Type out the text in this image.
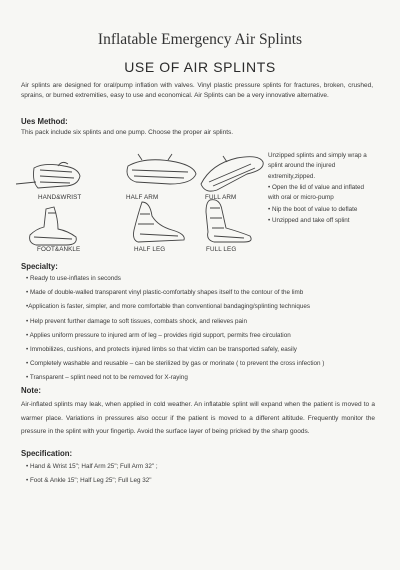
Inflatable Emergency Air Splints
USE OF AIR SPLINTS
Air splints are designed for oral/pump inflation with valves. Vinyl plastic pressure splints for fractures, broken, crushed, sprains, or burned extremities, easy to use and economical. Air Splints can be a very innovative alternative.
Ues Method:
This pack include six splints and one pump. Choose the proper air splints.
HAND&WRIST	HALF ARM	FULL ARM
FOOT&ANKLE	HALF LEG	FULL LEG
Unzipped splints and simply wrap a splint around the injured extremity,zipped.
• Open the lid of value and inflated with oral or micro-pump
• Nip the boot of value to deflate
• Unzipped and take off splint
Specialty:
• Ready to use-inflates in seconds
• Made of double-walled transparent vinyl plastic-comfortably shapes itself to the contour of the limb
•Application is faster, simpler, and more comfortable than conventional bandaging/splinting techniques
• Help prevent further damage to soft tissues, combats shock, and relieves pain
• Applies uniform pressure to injured arm of leg – provides rigid support, permits free circulation
• Immobilizes, cushions, and protects injured limbs so that victim can be transported safely, easily
• Completely washable and reusable – can be sterilized by gas or morinate ( to prevent the cross infection )
• Transparent – splint need not to be removed for X-raying
Note:
Air-inflated splints may leak, when applied in cold weather. An inflatable splint will expand when the patient is moved to a warmer place. Variations in pressures also occur if the patient is moved to a different altitude. Frequently monitor the pressure in the splint with your fingertip. Avoid the surface layer of being pricked by the sharp goods.
Specification:
• Hand & Wrist 15"; Half Arm 25"; Full Arm 32" ;
• Foot & Ankle 15"; Half Leg 25"; Full Leg 32"
